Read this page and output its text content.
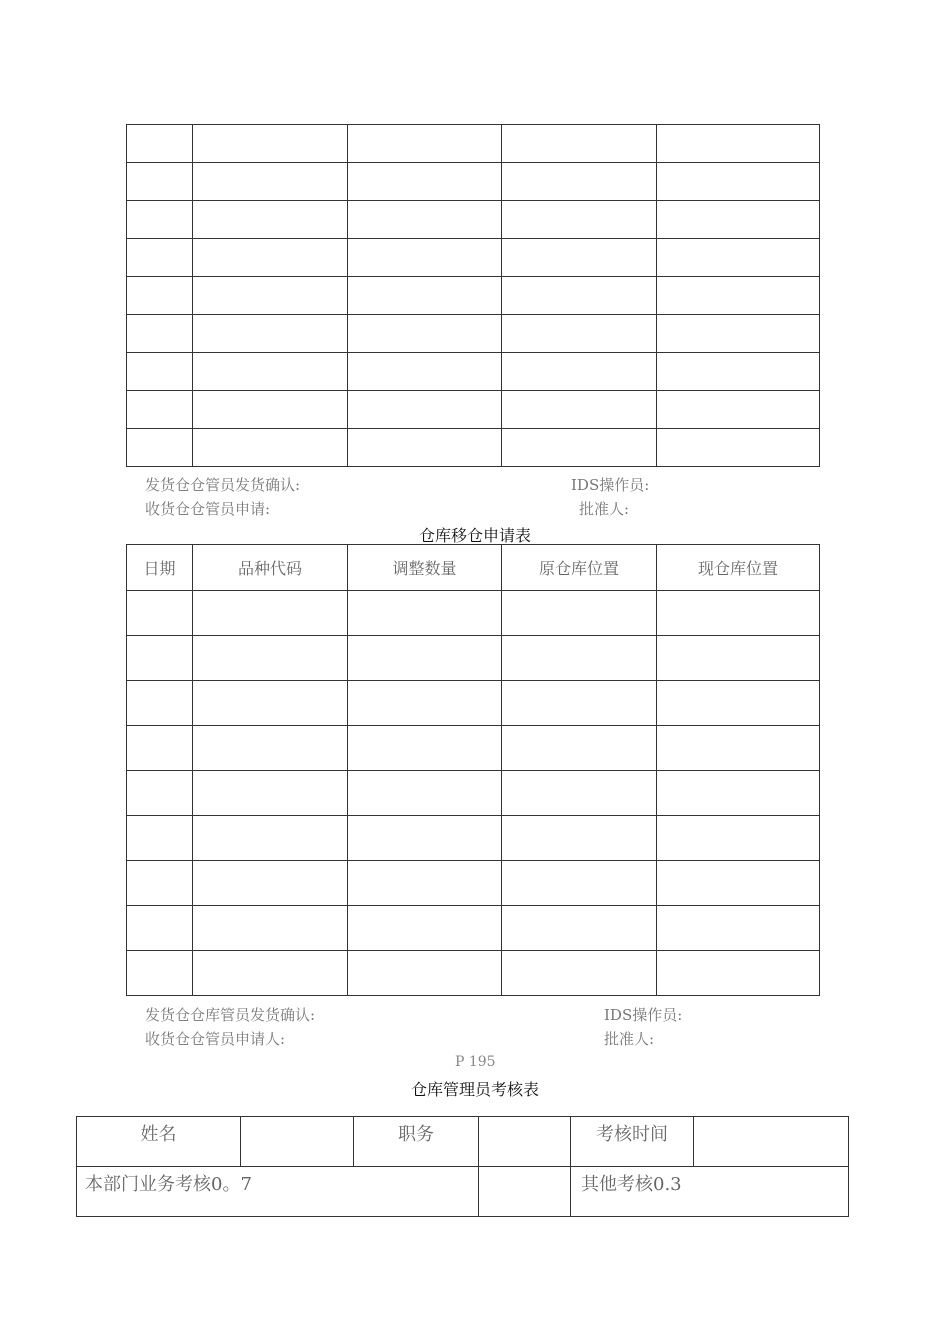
发货仓仓管员发货确认:	IDS操作员:
收货仓仓管员申请:	批准人:
仓库移仓申请表
日期	品种代码	调整数量	原仓库位置	现仓库位置

发货仓仓库管员发货确认:	IDS操作员:
收货仓仓管员申请人:	批准人:
P 195
仓库管理员考核表
姓名		职务		考核时间	
本部门业务考核0。7				其他考核0.3	
